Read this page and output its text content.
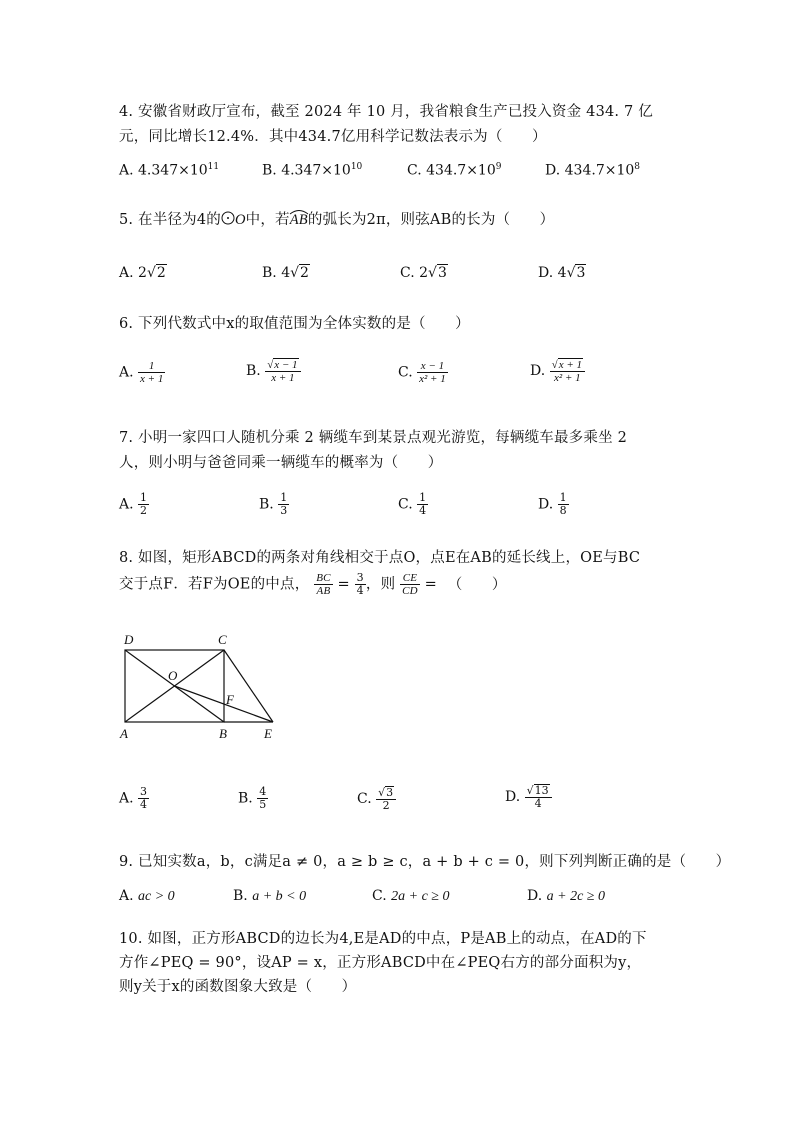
4. 安徽省财政厅宣布，截至 2024 年 10 月，我省粮食生产已投入资金 434. 7 亿
元，同比增长12.4%．其中434.7亿用科学记数法表示为（　　）
A. $4.347\times 10^{11}$	B. $4.347\times 10^{10}$	C. $434.7\times 10^9$	D. $434.7\times 10^8$
5. 在半径为4的 O中，若
AB的弧长为2π，则弦AB的长为（　　）
A. 2√2	B. 4√2	C. 2√3	D. 4√3
6. 下列代数式中x的取值范围为全体实数的是（　　）
A. $\frac{1}{x + 1}$	B. $\frac{√x - 1}{x + 1}$	C. $\frac{x - 1}{\text{x² + 1}}$	D. $\frac{√x + 1}{\text{x² + 1}}$
7. 小明一家四口人随机分乘 2 辆缆车到某景点观光游览，每辆缆车最多乘坐 2
人，则小明与爸爸同乘一辆缆车的概率为（　　）
A. $\frac{1}{2}$	B. $\frac{1}{3}$	C. $\frac{1}{4}$	D. $\frac{1}{8}$
8. 如图，矩形ABCD的两条对角线相交于点O，点E在AB的延长线上，OE与BC
交于点F．若F为OE的中点， $\frac{BC}{AB} = \frac{3}{4}$ ，则 $\frac{CE}{CD}$ = （　　）
D	C
O
F
A	B	E
A. $\frac{3}{4}$	B. $\frac{4}{5}$	C. $\frac{√3}{2}$	D. $\frac{√13}{4}$
9. 已知实数a，b，c满足a ≠ 0，a ≥ b ≥ c，a + b + c = 0，则下列判断正确的是（　　）
A. ac > 0	B. a + b < 0	C. 2a + c ≥ 0	D. a + 2c ≥ 0
10. 如图，正方形ABCD的边长为4,E是AD的中点，P是AB上的动点，在AD的下
方作∠PEQ = 90°，设AP = x，正方形ABCD中在∠PEQ右方的部分面积为y，
则y关于x的函数图象大致是（　　）
